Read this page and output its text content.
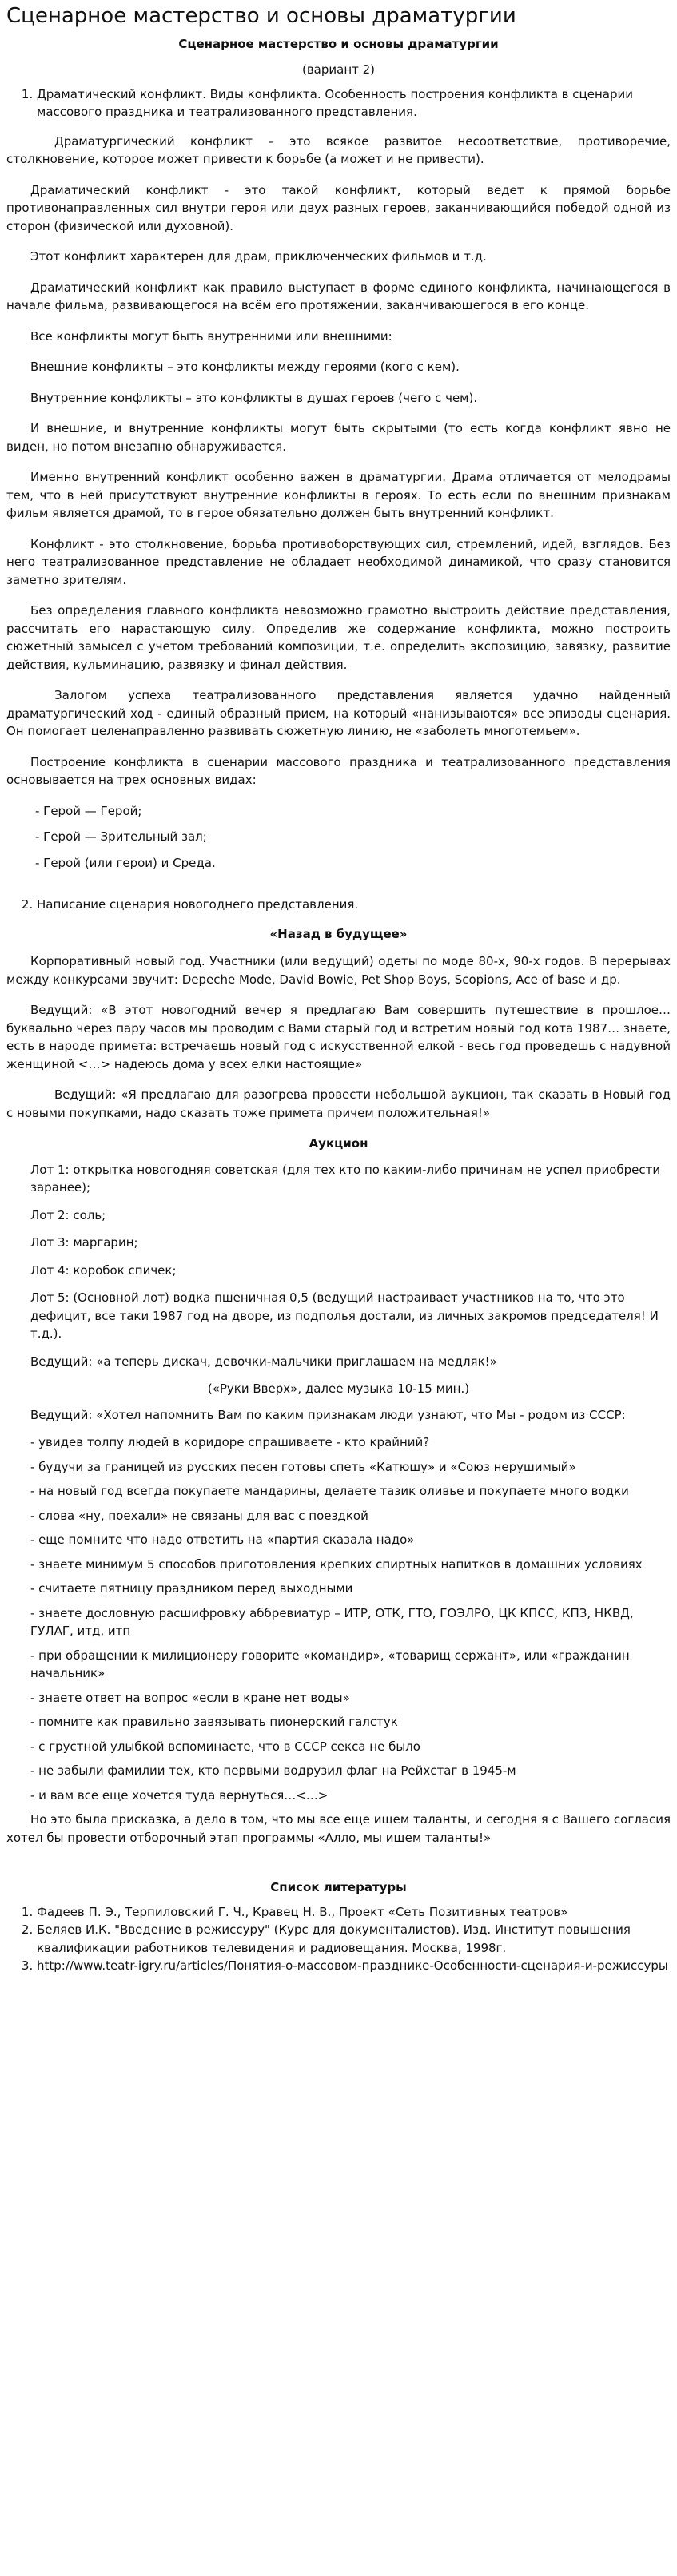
Сценарное мастерство и основы драматургии
Сценарное мастерство и основы драматургии
(вариант 2)
1. Драматический конфликт. Виды конфликта. Особенность построения конфликта в сценарии массового праздника и театрализованного представления.

Драматургический конфликт – это всякое развитое несоответствие, противоречие, столкновение, которое может привести к борьбе (а может и не привести).

Драматический конфликт - это такой конфликт, который ведет к прямой борьбе противонаправленных сил внутри героя или двух разных героев, заканчивающийся победой одной из сторон (физической или духовной).

Этот конфликт характерен для драм, приключенческих фильмов и т.д.

Драматический конфликт как правило выступает в форме единого конфликта, начинающегося в начале фильма, развивающегося на всём его протяжении, заканчивающегося в его конце.

Все конфликты могут быть внутренними или внешними:

Внешние конфликты – это конфликты между героями (кого с кем).

Внутренние конфликты – это конфликты в душах героев (чего с чем).

И внешние, и внутренние конфликты могут быть скрытыми (то есть когда конфликт явно не виден, но потом внезапно обнаруживается.

Именно внутренний конфликт особенно важен в драматургии. Драма отличается от мелодрамы тем, что в ней присутствуют внутренние конфликты в героях. То есть если по внешним признакам фильм является драмой, то в герое обязательно должен быть внутренний конфликт.

Конфликт - это столкновение, борьба противоборствующих сил, стремлений, идей, взглядов. Без него театрализованное представление не обладает необходимой динамикой, что сразу становится заметно зрителям.

Без определения главного конфликта невозможно грамотно выстроить действие представления, рассчитать его нарастающую силу. Определив же содержание конфликта, можно построить сюжетный замысел с учетом требований композиции, т.е. определить экспозицию, завязку, развитие действия, кульминацию, развязку и финал действия.

Залогом успеха театрализованного представления является удачно найденный драматургический ход - единый образный прием, на который «нанизываются» все эпизоды сценария. Он помогает целенаправленно развивать сюжетную линию, не «заболеть многотемьем».

Построение конфликта в сценарии массового праздника и театрализованного представления основывается на трех основных видах:

- Герой — Герой;
- Герой — Зрительный зал;
- Герой (или герои) и Среда.
2. Написание сценария новогоднего представления.
«Назад в будущее»

Корпоративный новый год. Участники (или ведущий) одеты по моде 80-х, 90-х годов. В перерывах между конкурсами звучит: Depeche Mode, David Bowie, Pet Shop Boys, Scopions, Ace of base и др.

Ведущий: «В этот новогодний вечер я предлагаю Вам совершить путешествие в прошлое… буквально через пару часов мы проводим с Вами старый год и встретим новый год кота 1987… знаете, есть в народе примета: встречаешь новый год с искусственной елкой - весь год проведешь с надувной женщиной <…> надеюсь дома у всех елки настоящие»

Ведущий: «Я предлагаю для разогрева провести небольшой аукцион, так сказать в Новый год с новыми покупками, надо сказать тоже примета причем положительная!»

Аукцион
Лот 1: открытка новогодняя советская (для тех кто по каким-либо причинам не успел приобрести заранее);
Лот 2: соль;
Лот 3: маргарин;
Лот 4: коробок спичек;
Лот 5: (Основной лот) водка пшеничная 0,5 (ведущий настраивает участников на то, что это дефицит, все таки 1987 год на дворе, из подполья достали, из личных закромов председателя! И т.д.).
Ведущий: «а теперь дискач, девочки-мальчики приглашаем на медляк!»
(«Руки Вверх», далее музыка 10-15 мин.)
Ведущий: «Хотел напомнить Вам по каким признакам люди узнают, что Мы - родом из СССР:
- увидев толпу людей в коридоре спрашиваете - кто крайний?
- будучи за границей из русских песен готовы спеть «Катюшу» и «Союз нерушимый»
- на новый год всегда покупаете мандарины, делаете тазик оливье и покупаете много водки
- слова «ну, поехали» не связаны для вас с поездкой
- еще помните что надо ответить на «партия сказала надо»
- знаете минимум 5 способов приготовления крепких спиртных напитков в домашних условиях
- считаете пятницу праздником перед выходными
- знаете дословную расшифровку аббревиатур – ИТР, ОТК, ГТО, ГОЭЛРО, ЦК КПСС, КПЗ, НКВД, ГУЛАГ, итд, итп
- при обращении к милиционеру говорите «командир», «товарищ сержант», или «гражданин начальник»
- знаете ответ на вопрос «если в кране нет воды»
- помните как правильно завязывать пионерский галстук
- с грустной улыбкой вспоминаете, что в СССР секса не было
- не забыли фамилии тех, кто первыми водрузил флаг на Рейхстаг в 1945-м
- и вам все еще хочется туда вернуться…<…>

Но это была присказка, а дело в том, что мы все еще ищем таланты, и сегодня я с Вашего согласия хотел бы провести отборочный этап программы «Алло, мы ищем таланты!»

Список литературы
1. Фадеев П. Э., Терпиловский Г. Ч., Кравец Н. В., Проект «Сеть Позитивных театров»
2. Беляев И.К. "Введение в режиссуру" (Курс для документалистов). Изд. Институт повышения квалификации работников телевидения и радиовещания. Москва, 1998г.
3. http://www.teatr-igry.ru/articles/Понятия-о-массовом-празднике-Особенности-сценария-и-режиссуры
